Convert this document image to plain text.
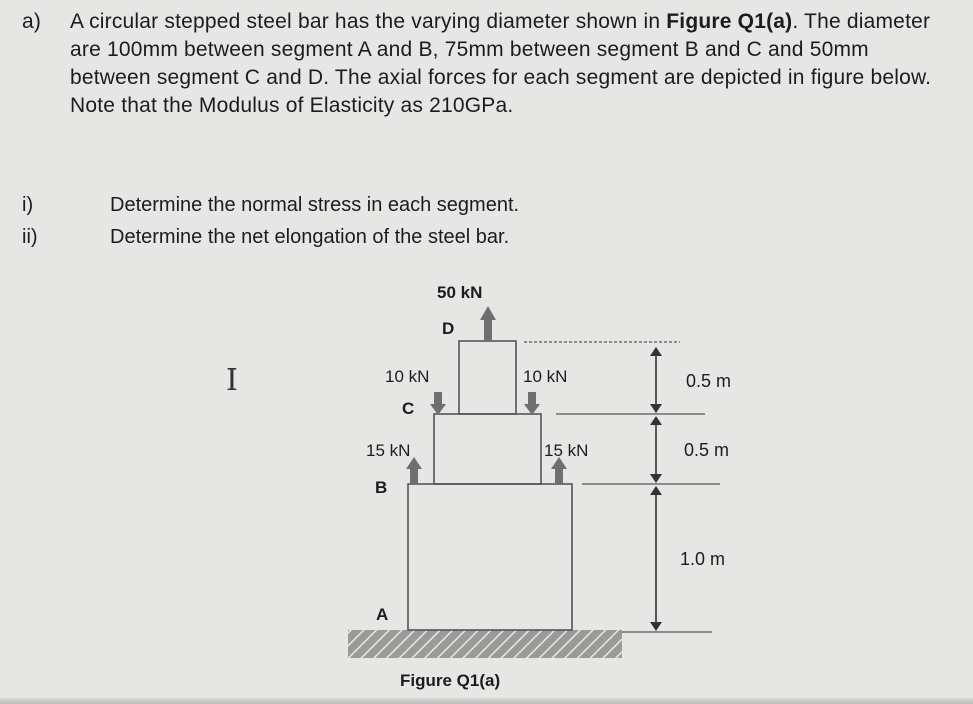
a) A circular stepped steel bar has the varying diameter shown in Figure Q1(a). The diameter are 100mm between segment A and B, 75mm between segment B and C and 50mm between segment C and D. The axial forces for each segment are depicted in figure below. Note that the Modulus of Elasticity as 210GPa.
i)	Determine the normal stress in each segment.
ii)	Determine the net elongation of the steel bar.
I
50 kN
D
10 kN	10 kN
C
15 kN	15 kN
B
A
0.5 m
0.5 m
1.0 m
Figure Q1(a)
